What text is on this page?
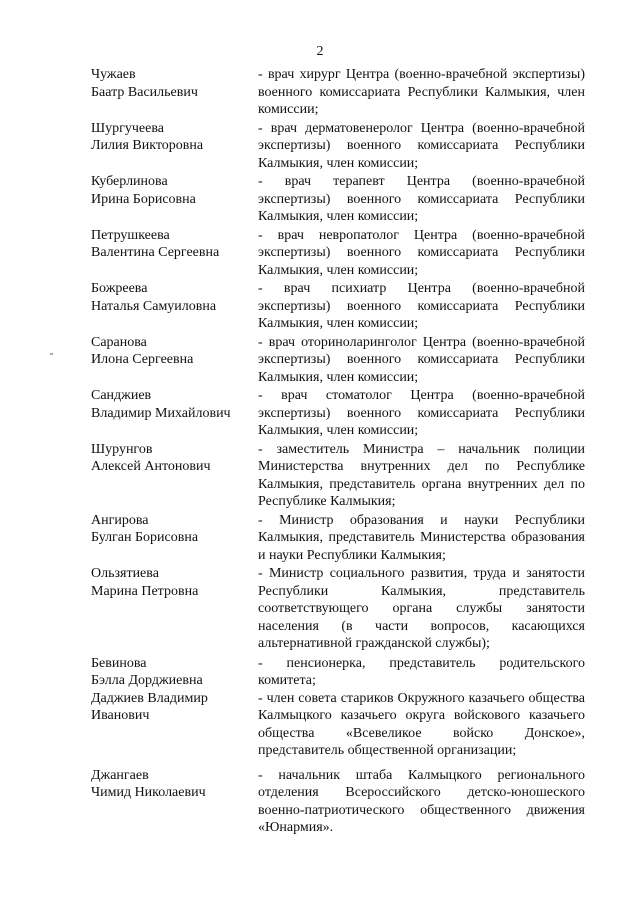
2
Чужаев
Баатр Васильевич
- врач хирург Центра (военно-врачебной экспертизы) военного комиссариата Республики Калмыкия, член комиссии;
Шургучеева
Лилия Викторовна
- врач дерматовенеролог Центра (военно-врачебной экспертизы) военного комиссариата Республики Калмыкия, член комиссии;
Куберлинова
Ирина Борисовна
- врач терапевт Центра (военно-врачебной экспертизы) военного комиссариата Республики Калмыкия, член комиссии;
Петрушкеева
Валентина Сергеевна
- врач невропатолог Центра (военно-врачебной экспертизы) военного комиссариата Республики Калмыкия, член комиссии;
Божреева
Наталья Самуиловна
- врач психиатр Центра (военно-врачебной экспертизы) военного комиссариата Республики Калмыкия, член комиссии;
Саранова
Илона Сергеевна
- врач оториноларинголог Центра (военно-врачебной экспертизы) военного комиссариата Республики Калмыкия, член комиссии;
Санджиев
Владимир Михайлович
- врач стоматолог Центра (военно-врачебной экспертизы) военного комиссариата Республики Калмыкия, член комиссии;
Шурунгов
Алексей Антонович
- заместитель Министра – начальник полиции Министерства внутренних дел по Республике Калмыкия, представитель органа внутренних дел по Республике Калмыкия;
Ангирова
Булган Борисовна
- Министр образования и науки Республики Калмыкия, представитель Министерства образования и науки Республики Калмыкия;
Ользятиева
Марина Петровна
- Министр социального развития, труда и занятости Республики Калмыкия, представитель соответствующего органа службы занятости населения (в части вопросов, касающихся альтернативной гражданской службы);
Бевинова
Бэлла Дорджиевна
- пенсионерка, представитель родительского комитета;
Даджиев Владимир
Иванович
- член совета стариков Окружного казачьего общества Калмыцкого казачьего округа войскового казачьего общества «Всевеликое войско Донское», представитель общественной организации;
Джангаев
Чимид Николаевич
- начальник штаба Калмыцкого регионального отделения Всероссийского детско-юношеского военно-патриотического общественного движения «Юнармия».
